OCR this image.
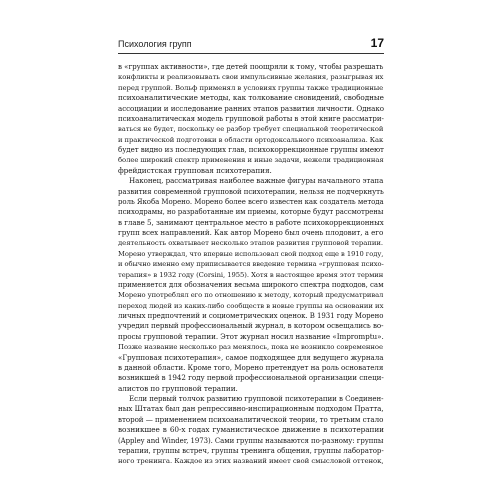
Психология групп	17

в «группах активности», где детей поощряли к тому, чтобы разрешать
конфликты и реализовывать свои импульсивные желания, разыгрывая их
перед группой. Вольф применял в условиях группы также традиционные
психоаналитические методы, как толкование сновидений, свободные
ассоциации и исследование ранних этапов развития личности. Однако
психоаналитическая модель групповой работы в этой книге рассматри-
ваться не будет, поскольку ее разбор требует специальной теоретической
и практической подготовки в области ортодоксального психоанализа. Как
будет видно из последующих глав, психокоррекционные группы имеют
более широкий спектр применения и иные задачи, нежели традиционная
фрейдистская групповая психотерапия.

Наконец, рассматривая наиболее важные фигуры начального этапа
развития современной групповой психотерапии, нельзя не подчеркнуть
роль Якоба Морено. Морено более всего известен как создатель метода
психодрамы, но разработанные им приемы, которые будут рассмотрены
в главе 5, занимают центральное место в работе психокоррекционных
групп всех направлений. Как автор Морено был очень плодовит, а его
деятельность охватывает несколько этапов развития групповой терапии.
Морено утверждал, что впервые использовал свой подход еще в 1910 году,
и обычно именно ему приписывается введение термина «групповая психо-
терапия» в 1932 году (Corsini, 1955). Хотя в настоящее время этот термин
применяется для обозначения весьма широкого спектра подходов, сам
Морено употреблял его по отношению к методу, который предусматривал
переход людей из каких-либо сообществ в новые группы на основании их
личных предпочтений и социометрических оценок. В 1931 году Морено
учредил первый профессиональный журнал, в котором освещались во-
просы групповой терапии. Этот журнал носил название «Impromptu».
Позже название несколько раз менялось, пока не возникло современное
«Групповая психотерапия», самое подходящее для ведущего журнала
в данной области. Кроме того, Морено претендует на роль основателя
возникшей в 1942 году первой профессиональной организации специ-
алистов по групповой терапии.

Если первый толчок развитию групповой психотерапии в Соединен-
ных Штатах был дан репрессивно-инспирационным подходом Пратта,
второй — применением психоаналитической теории, то третьим стало
возникшее в 60-х годах гуманистическое движение в психотерапии
(Appley and Winder, 1973). Сами группы называются по-разному: группы
терапии, группы встреч, группы тренинга общения, группы лаборатор-
ного тренинга. Каждое из этих названий имеет свой смысловой оттенок,
